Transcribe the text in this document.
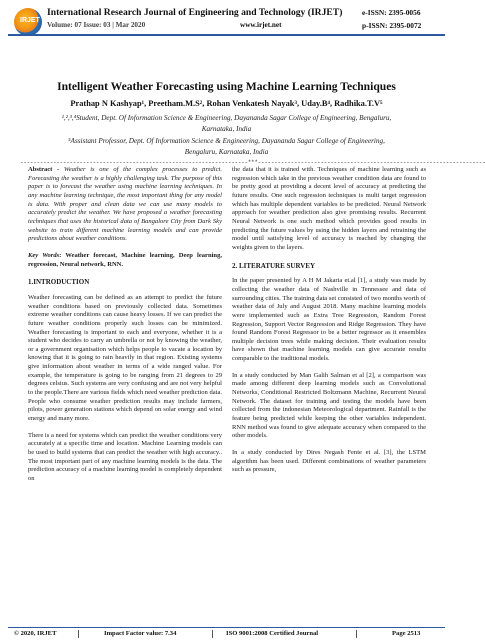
IRJET
International Research Journal of Engineering and Technology (IRJET)
Volume: 07 Issue: 03 | Mar 2020	www.irjet.net
e-ISSN: 2395-0056
p-ISSN: 2395-0072
Intelligent Weather Forecasting using Machine Learning Techniques
Prathap N Kashyap¹, Preetham.M.S², Rohan Venkatesh Nayak³, Uday.B⁴, Radhika.T.V⁵
¹,²,³,⁴Student, Dept. Of Information Science & Engineering, Dayananda Sagar College of Engineering, Bengaluru,
Karnataka, India
⁵Assistant Professor, Dept. Of Information Science & Engineering, Dayananda Sagar College of Engineering,
Bengaluru, Karnataka, India
---------------------------------------------------------------------***---------------------------------------------------------------------

Abstract - Weather is one of the complex processes to predict. Forecasting the weather is a highly challenging task. The purpose of this paper is to forecast the weather using machine learning techniques. In any machine learning technique, the most important thing for any model is data. With proper and clean data we can use many models to accurately predict the weather. We have proposed a weather forecasting techniques that uses the historical data of Bangalore City from Dark Sky website to train different machine learning models and can provide predictions about weather conditions.

Key Words: Weather forecast, Machine learning, Deep learning, regression, Neural network, RNN.

1.INTRODUCTION

Weather forecasting can be defined as an attempt to predict the future weather conditions based on previously collected data. Sometimes extreme weather conditions can cause heavy losses. If we can predict the future weather conditions properly such losses can be minimized. Weather forecasting is important to each and everyone, whether it is a student who decides to carry an umbrella or not by knowing the weather, or a government organisation which helps people to vacate a location by knowing that it is going to rain heavily in that region. Existing systems give information about weather in terms of a wide ranged value. For example, the temperature is going to be ranging from 21 degrees to 29 degrees celsius. Such systems are very confusing and are not very helpful to the people.There are various fields which need weather prediction data. People who consume weather prediction results may include farmers, pilots, power generation stations which depend on solar energy and wind energy and many more.

There is a need for systems which can predict the weather conditions very accurately at a specific time and location. Machine Learning models can be used to build systems that can predict the weather with high accuracy.. The most important part of any machine learning models is the data. The prediction accuracy of a machine learning model is completely dependent on

the data that it is trained with. Techniques of machine learning such as regression which take in the previous weather condition data are found to be pretty good at providing a decent level of accuracy at predicting the future results. One such regression techniques is multi target regression which has multiple dependent variables to be predicted. Neural Network approach for weather prediction also give promising results. Recurrent Neural Network is one such method which provides good results in predicting the future values by using the hidden layers and retraining the model until satisfying level of accuracy is reached by changing the weights given to the layers.

2. LITERATURE SURVEY

In the paper presented by A H M Jakaria et.al [1], a study was made by collecting the weather data of Nashville in Tennessee and data of surrounding cities. The training data set consisted of two months worth of weather data of July and August 2018. Many machine learning models were implemented such as Extra Tree Regression, Random Forest Regression, Support Vector Regression and Ridge Regression. They have found Random Forest Regressor to be a better regressor as it ensembles multiple decision trees while making decision. Their evaluation results have shown that machine learning models can give accurate results comparable to the traditional models.

In a study conducted by Man Galih Salman et al [2], a comparison was made among different deep learning models such as Convolutional Networks, Conditional Restricted Boltzmann Machine, Recurrent Neural Network. The dataset for training and testing the models have been collected from the indonesian Meteorological department. Rainfall is the feature being predicted while keeping the other variables independent. RNN method was found to give adequate accuracy when compared to the other models.

In a study conducted by Dires Negash Fente et al. [3], the LSTM algorithm has been used. Different combinations of weather parameters such as pressure,

© 2020, IRJET	Impact Factor value: 7.34	ISO 9001:2008 Certified Journal	Page 2513
